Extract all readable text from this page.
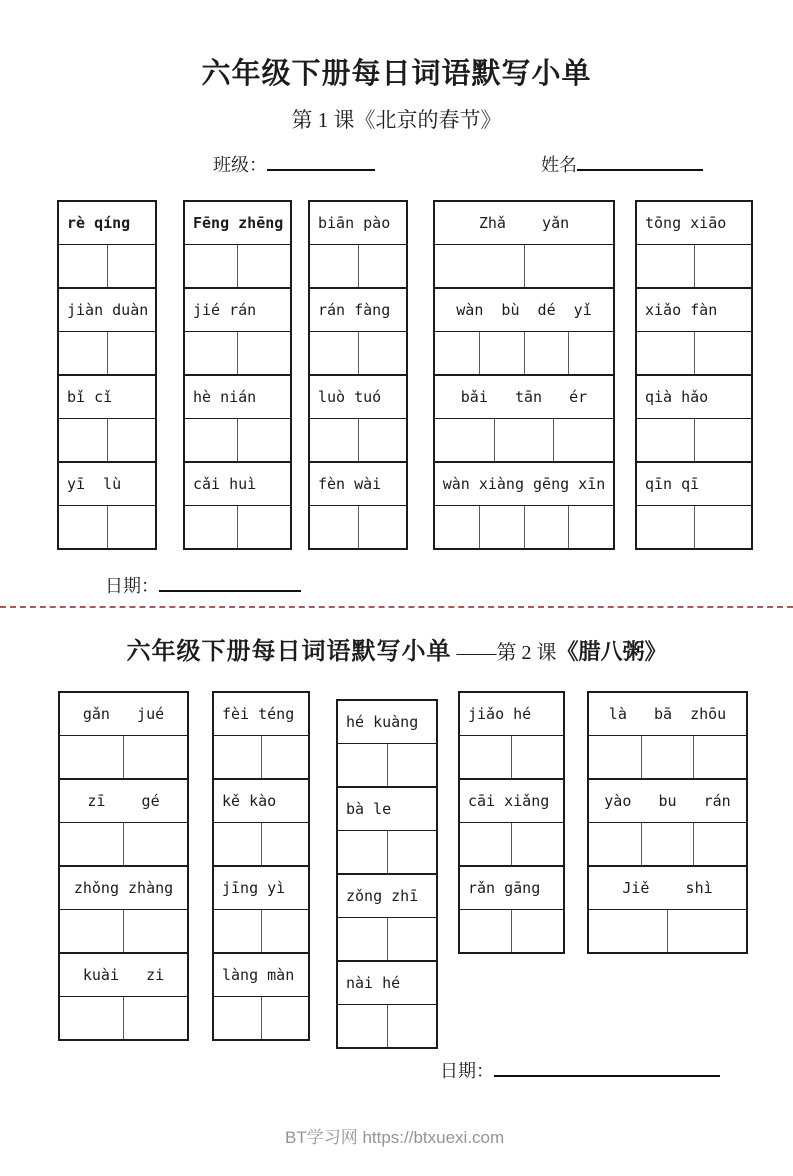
六年级下册每日词语默写小单
第 1 课《北京的春节》
班级：	姓名
rè qíng
jiàn duàn
bǐ cǐ
yī  lù
Fēng zhēng
jié rán
hè nián
cǎi huì
biān pào
rán fàng
luò tuó
fèn wài
Zhǎ    yǎn
wàn  bù  dé  yǐ
bǎi   tān   ér
wàn xiàng gēng xīn
tōng xiāo
xiǎo fàn
qià hǎo
qīn qī
日期：
六年级下册每日词语默写小单 ——第 2 课《腊八粥》
gǎn   jué
zī    gé
zhǒng zhàng
kuài   zi
fèi téng
kě kào
jīng yì
làng màn
hé kuàng
bà le
zǒng zhī
nài hé
jiǎo hé
cāi xiǎng
rǎn gāng
là   bā  zhōu
yào   bu   rán
Jiě    shì
日期：
BT学习网 https://btxuexi.com
